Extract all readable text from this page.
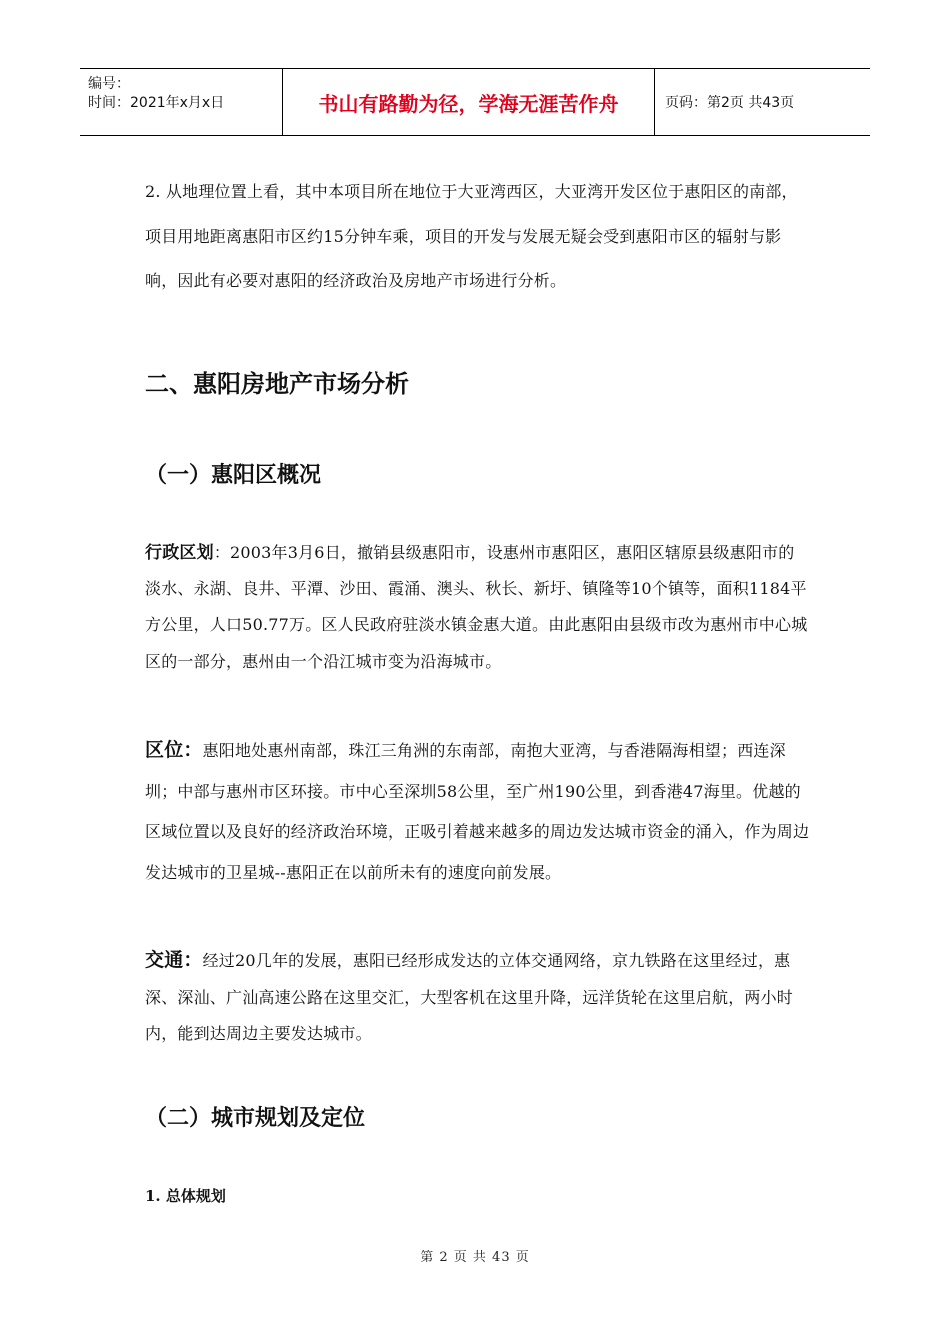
编号：
时间：2021年x月x日	书山有路勤为径，学海无涯苦作舟	页码：第2页 共43页

2. 从地理位置上看，其中本项目所在地位于大亚湾西区，大亚湾开发区位于惠阳区的南部，项目用地距离惠阳市区约15分钟车乘，项目的开发与发展无疑会受到惠阳市区的辐射与影响，因此有必要对惠阳的经济政治及房地产市场进行分析。

二、惠阳房地产市场分析
（一）惠阳区概况

行政区划：2003年3月6日，撤销县级惠阳市，设惠州市惠阳区，惠阳区辖原县级惠阳市的淡水、永湖、良井、平潭、沙田、霞涌、澳头、秋长、新圩、镇隆等10个镇等，面积1184平方公里，人口50.77万。区人民政府驻淡水镇金惠大道。由此惠阳由县级市改为惠州市中心城区的一部分，惠州由一个沿江城市变为沿海城市。

区位：惠阳地处惠州南部，珠江三角洲的东南部，南抱大亚湾，与香港隔海相望；西连深圳；中部与惠州市区环接。市中心至深圳58公里，至广州190公里，到香港47海里。优越的区域位置以及良好的经济政治环境，正吸引着越来越多的周边发达城市资金的涌入，作为周边发达城市的卫星城--惠阳正在以前所未有的速度向前发展。

交通：经过20几年的发展，惠阳已经形成发达的立体交通网络，京九铁路在这里经过，惠深、深汕、广汕高速公路在这里交汇，大型客机在这里升降，远洋货轮在这里启航，两小时内，能到达周边主要发达城市。

（二）城市规划及定位

1. 总体规划

第 2 页 共 43 页
